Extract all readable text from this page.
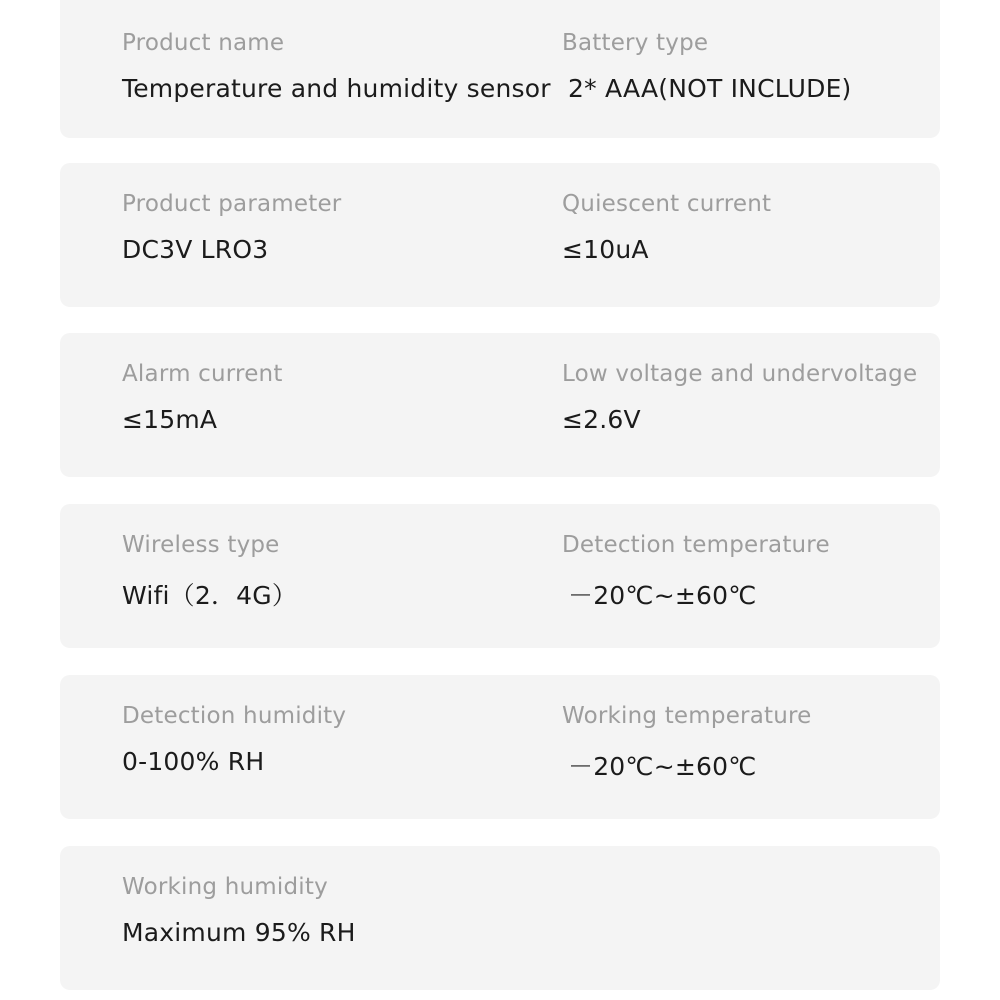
Product name
Temperature and humidity sensor
Battery type
2* AAA(NOT INCLUDE)
Product parameter
DC3V LRO3
Quiescent current
≤10uA
Alarm current
≤15mA
Low voltage and undervoltage
≤2.6V
Wireless type
Wifi（2．4G）
Detection temperature
－20℃~±60℃
Detection humidity
0-100% RH
Working temperature
－20℃~±60℃
Working humidity
Maximum 95% RH
